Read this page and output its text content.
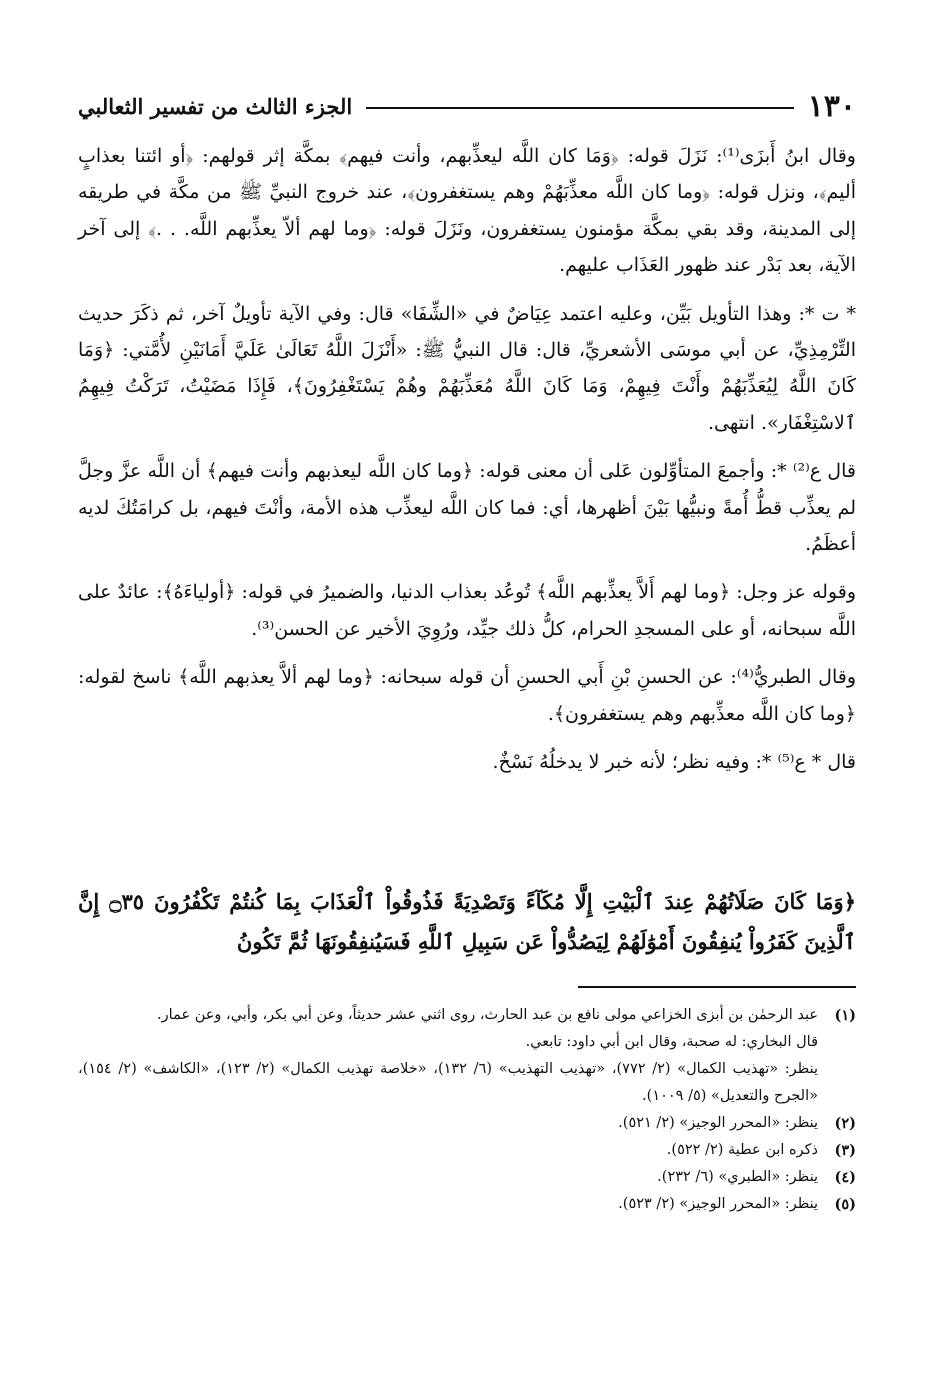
١٣٠
الجزء الثالث من تفسير الثعالبي

وقال ابنُ أَبزَى⁽¹⁾: نَزَلَ قوله: ﴿وَمَا كان اللَّه ليعذِّبهم، وأنت فيهم﴾ بمكَّة إثر قولهم: ﴿أو ائتنا بعذابٍ أليم﴾، ونزل قوله: ﴿وما كان اللَّه معذِّبَهُمْ وهم يستغفرون﴾، عند خروج النبيِّ ﷺ من مكَّة في طريقه إلى المدينة، وقد بقي بمكَّة مؤمنون يستغفرون، ونَزَلَ قوله: ﴿وما لهم ألاّ يعذِّبهم اللَّه. . .﴾ إلى آخر الآية، بعد بَدْر عند ظهور العَذَاب عليهم.

* ت *: وهذا التأويل بَيِّن، وعليه اعتمد عِيَاضٌ في «الشِّفَا» قال: وفي الآية تأويلٌ آخر، ثم ذكَرَ حديث التِّرْمِذِيِّ، عن أبي موسَى الأشعريِّ، قال: قال النبيُّ ﷺ: «أَنْزَلَ اللَّهُ تَعَالَىٰ عَلَيَّ أَمَانَيْنِ لأُمَّتي: ﴿وَمَا كَانَ اللَّهُ لِيُعَذِّبَهُمْ وأَنْتَ فِيهِمْ، وَمَا كَانَ اللَّهُ مُعَذِّبَهُمْ وهُمْ يَسْتَغْفِرُونَ﴾، فَإِذَا مَضَيْتُ، تَرَكْتُ فِيهِمُ ٱلاسْتِغْفَار». انتهى.

قال ع⁽²⁾ *: وأجمعَ المتأوِّلون عَلى أن معنى قوله: ﴿وما كان اللَّه ليعذبهم وأنت فيهم﴾ أن اللَّه عزَّ وجلَّ لم يعذِّب قطُّ أُمةً ونبيُّها بَيْنَ أظهرها، أي: فما كان اللَّه ليعذِّب هذه الأمة، وأنْتَ فيهم، بل كرامَتُكَ لديه أعظَمُ.

وقوله عز وجل: ﴿وما لهم أَلاَّ يعذِّبهم اللَّه﴾ تُوعُد بعذاب الدنيا، والضميرُ في قوله: ﴿أولياءَهُ﴾: عائدٌ على اللَّه سبحانه، أو على المسجدِ الحرام، كلُّ ذلك جيِّد، ورُوِيَ الأخير عن الحسن⁽³⁾.

وقال الطبريُّ⁽⁴⁾: عن الحسنِ بْنِ أَبي الحسنِ أن قوله سبحانه: ﴿وما لهم ألاَّ يعذبهم اللَّه﴾ ناسخ لقوله: ﴿وما كان اللَّه معذِّبهم وهم يستغفرون﴾.

قال * ع⁽⁵⁾ *: وفيه نظر؛ لأنه خبر لا يدخلُهُ نَسْخٌ.

﴿وَمَا كَانَ صَلَاتُهُمْ عِندَ ٱلْبَيْتِ إِلَّا مُكَآءً وَتَصْدِيَةً فَذُوقُواْ ٱلْعَذَابَ بِمَا كُنتُمْ تَكْفُرُونَ ۝٣٥ إِنَّ ٱلَّذِينَ كَفَرُواْ يُنفِقُونَ أَمْوَٰلَهُمْ لِيَصُدُّواْ عَن سَبِيلِ ٱللَّهِ فَسَيُنفِقُونَهَا ثُمَّ تَكُونُ
(١)

عبد الرحمٰن بن أبزى الخزاعي مولى نافع بن عبد الحارث، روى اثني عشر حديثاً، وعن أبي بكر، وأبي، وعن عمار.

قال البخاري: له صحبة، وقال ابن أبي داود: تابعي.

ينظر: «تهذيب الكمال» (٢/ ٧٧٢)، «تهذيب التهذيب» (٦/ ١٣٢)، «خلاصة تهذيب الكمال» (٢/ ١٢٣)، «الكاشف» (٢/ ١٥٤)، «الجرح والتعديل» (٥/ ١٠٠٩).

(٢)

ينظر: «المحرر الوجيز» (٢/ ٥٢١).

(٣)

ذكره ابن عطية (٢/ ٥٢٢).

(٤)

ينظر: «الطبري» (٦/ ٢٣٢).

(٥)

ينظر: «المحرر الوجيز» (٢/ ٥٢٣).
